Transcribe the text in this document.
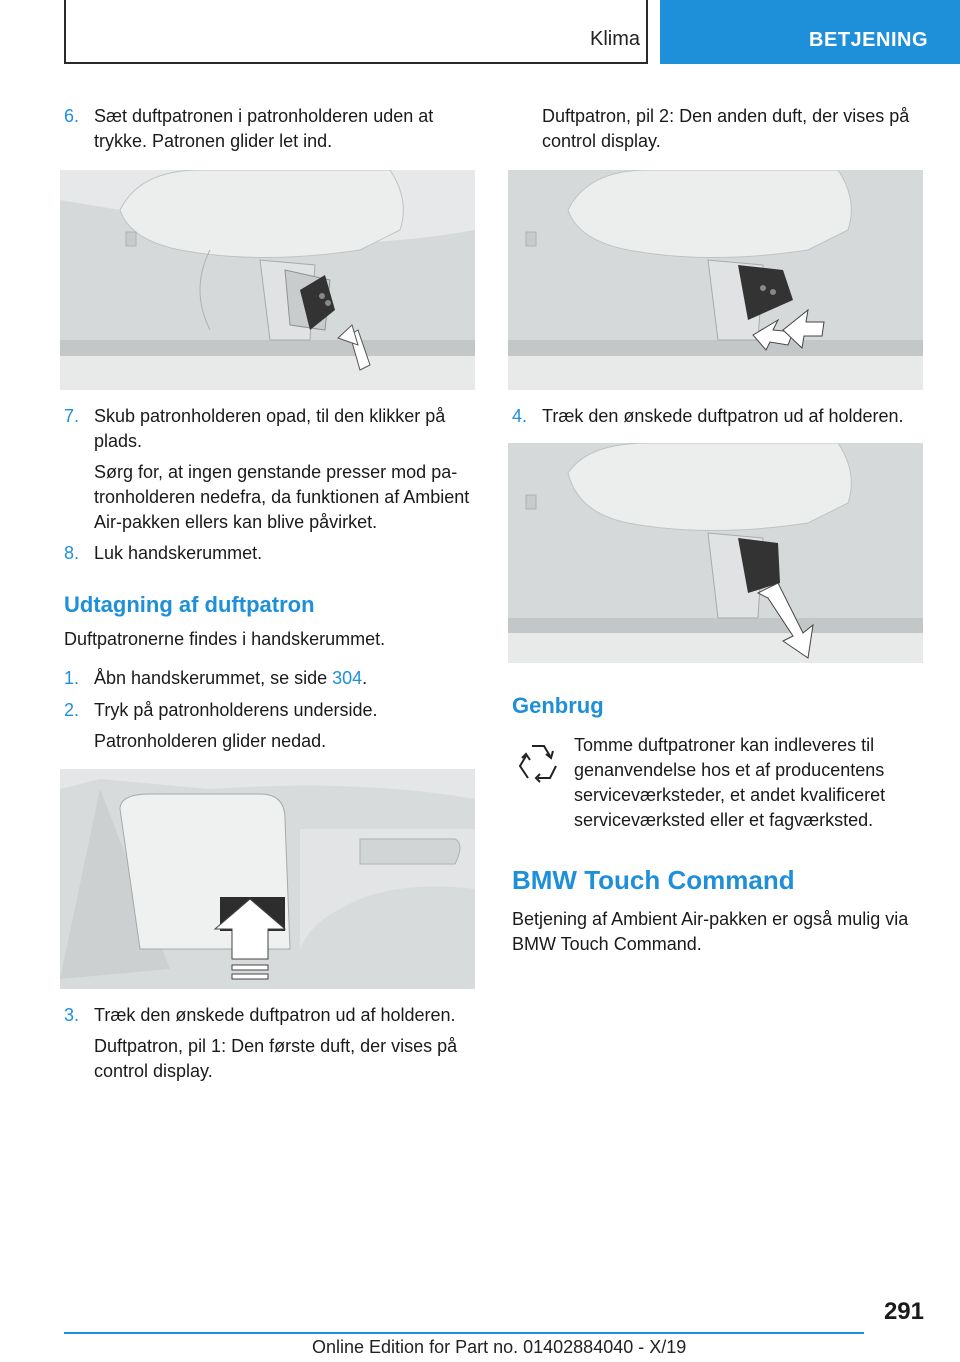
Klima	BETJENING
6. Sæt duftpatronen i patronholderen uden at trykke. Patronen glider let ind.
7. Skub patronholderen opad, til den klikker på plads.
Sørg for, at ingen genstande presser mod patronholderen nedefra, da funktionen af Ambient Air-pakken ellers kan blive påvirket.
8. Luk handskerummet.
Udtagning af duftpatron
Duftpatronerne findes i handskerummet.
1. Åbn handskerummet, se side 304.
2. Tryk på patronholderens underside.
Patronholderen glider nedad.
3. Træk den ønskede duftpatron ud af holderen.
Duftpatron, pil 1: Den første duft, der vises på control display.
Duftpatron, pil 2: Den anden duft, der vises på control display.
4. Træk den ønskede duftpatron ud af holderen.
Genbrug
Tomme duftpatroner kan indleveres til genanvendelse hos et af producentens serviceværksteder, et andet kvalificeret serviceværksted eller et fagværksted.
BMW Touch Command
Betjening af Ambient Air-pakken er også mulig via BMW Touch Command.
291
Online Edition for Part no. 01402884040 - X/19
